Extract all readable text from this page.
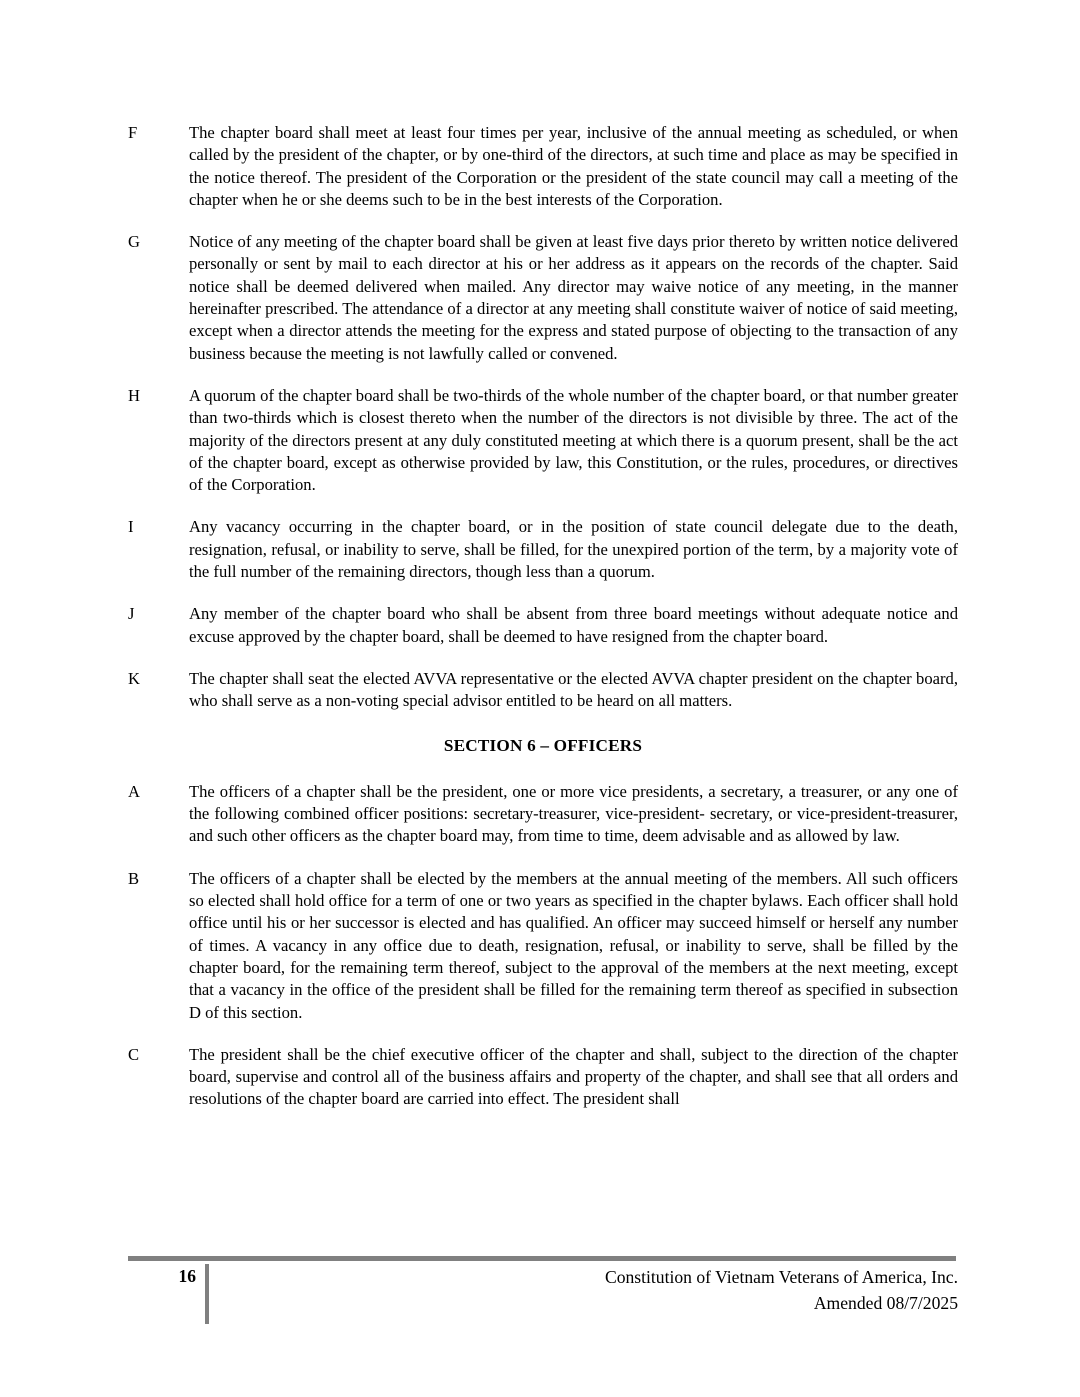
F	The chapter board shall meet at least four times per year, inclusive of the annual meeting as scheduled, or when called by the president of the chapter, or by one-third of the directors, at such time and place as may be specified in the notice thereof. The president of the Corporation or the president of the state council may call a meeting of the chapter when he or she deems such to be in the best interests of the Corporation.
G	Notice of any meeting of the chapter board shall be given at least five days prior thereto by written notice delivered personally or sent by mail to each director at his or her address as it appears on the records of the chapter. Said notice shall be deemed delivered when mailed. Any director may waive notice of any meeting, in the manner hereinafter prescribed. The attendance of a director at any meeting shall constitute waiver of notice of said meeting, except when a director attends the meeting for the express and stated purpose of objecting to the transaction of any business because the meeting is not lawfully called or convened.
H	A quorum of the chapter board shall be two-thirds of the whole number of the chapter board, or that number greater than two-thirds which is closest thereto when the number of the directors is not divisible by three. The act of the majority of the directors present at any duly constituted meeting at which there is a quorum present, shall be the act of the chapter board, except as otherwise provided by law, this Constitution, or the rules, procedures, or directives of the Corporation.
I	Any vacancy occurring in the chapter board, or in the position of state council delegate due to the death, resignation, refusal, or inability to serve, shall be filled, for the unexpired portion of the term, by a majority vote of the full number of the remaining directors, though less than a quorum.
J	Any member of the chapter board who shall be absent from three board meetings without adequate notice and excuse approved by the chapter board, shall be deemed to have resigned from the chapter board.
K	The chapter shall seat the elected AVVA representative or the elected AVVA chapter president on the chapter board, who shall serve as a non-voting special advisor entitled to be heard on all matters.
SECTION 6 – OFFICERS
A	The officers of a chapter shall be the president, one or more vice presidents, a secretary, a treasurer, or any one of the following combined officer positions: secretary-treasurer, vice-president- secretary, or vice-president-treasurer, and such other officers as the chapter board may, from time to time, deem advisable and as allowed by law.
B	The officers of a chapter shall be elected by the members at the annual meeting of the members. All such officers so elected shall hold office for a term of one or two years as specified in the chapter bylaws. Each officer shall hold office until his or her successor is elected and has qualified. An officer may succeed himself or herself any number of times. A vacancy in any office due to death, resignation, refusal, or inability to serve, shall be filled by the chapter board, for the remaining term thereof, subject to the approval of the members at the next meeting, except that a vacancy in the office of the president shall be filled for the remaining term thereof as specified in subsection D of this section.
C	The president shall be the chief executive officer of the chapter and shall, subject to the direction of the chapter board, supervise and control all of the business affairs and property of the chapter, and shall see that all orders and resolutions of the chapter board are carried into effect. The president shall
16	Constitution of Vietnam Veterans of America, Inc.
Amended 08/7/2025
